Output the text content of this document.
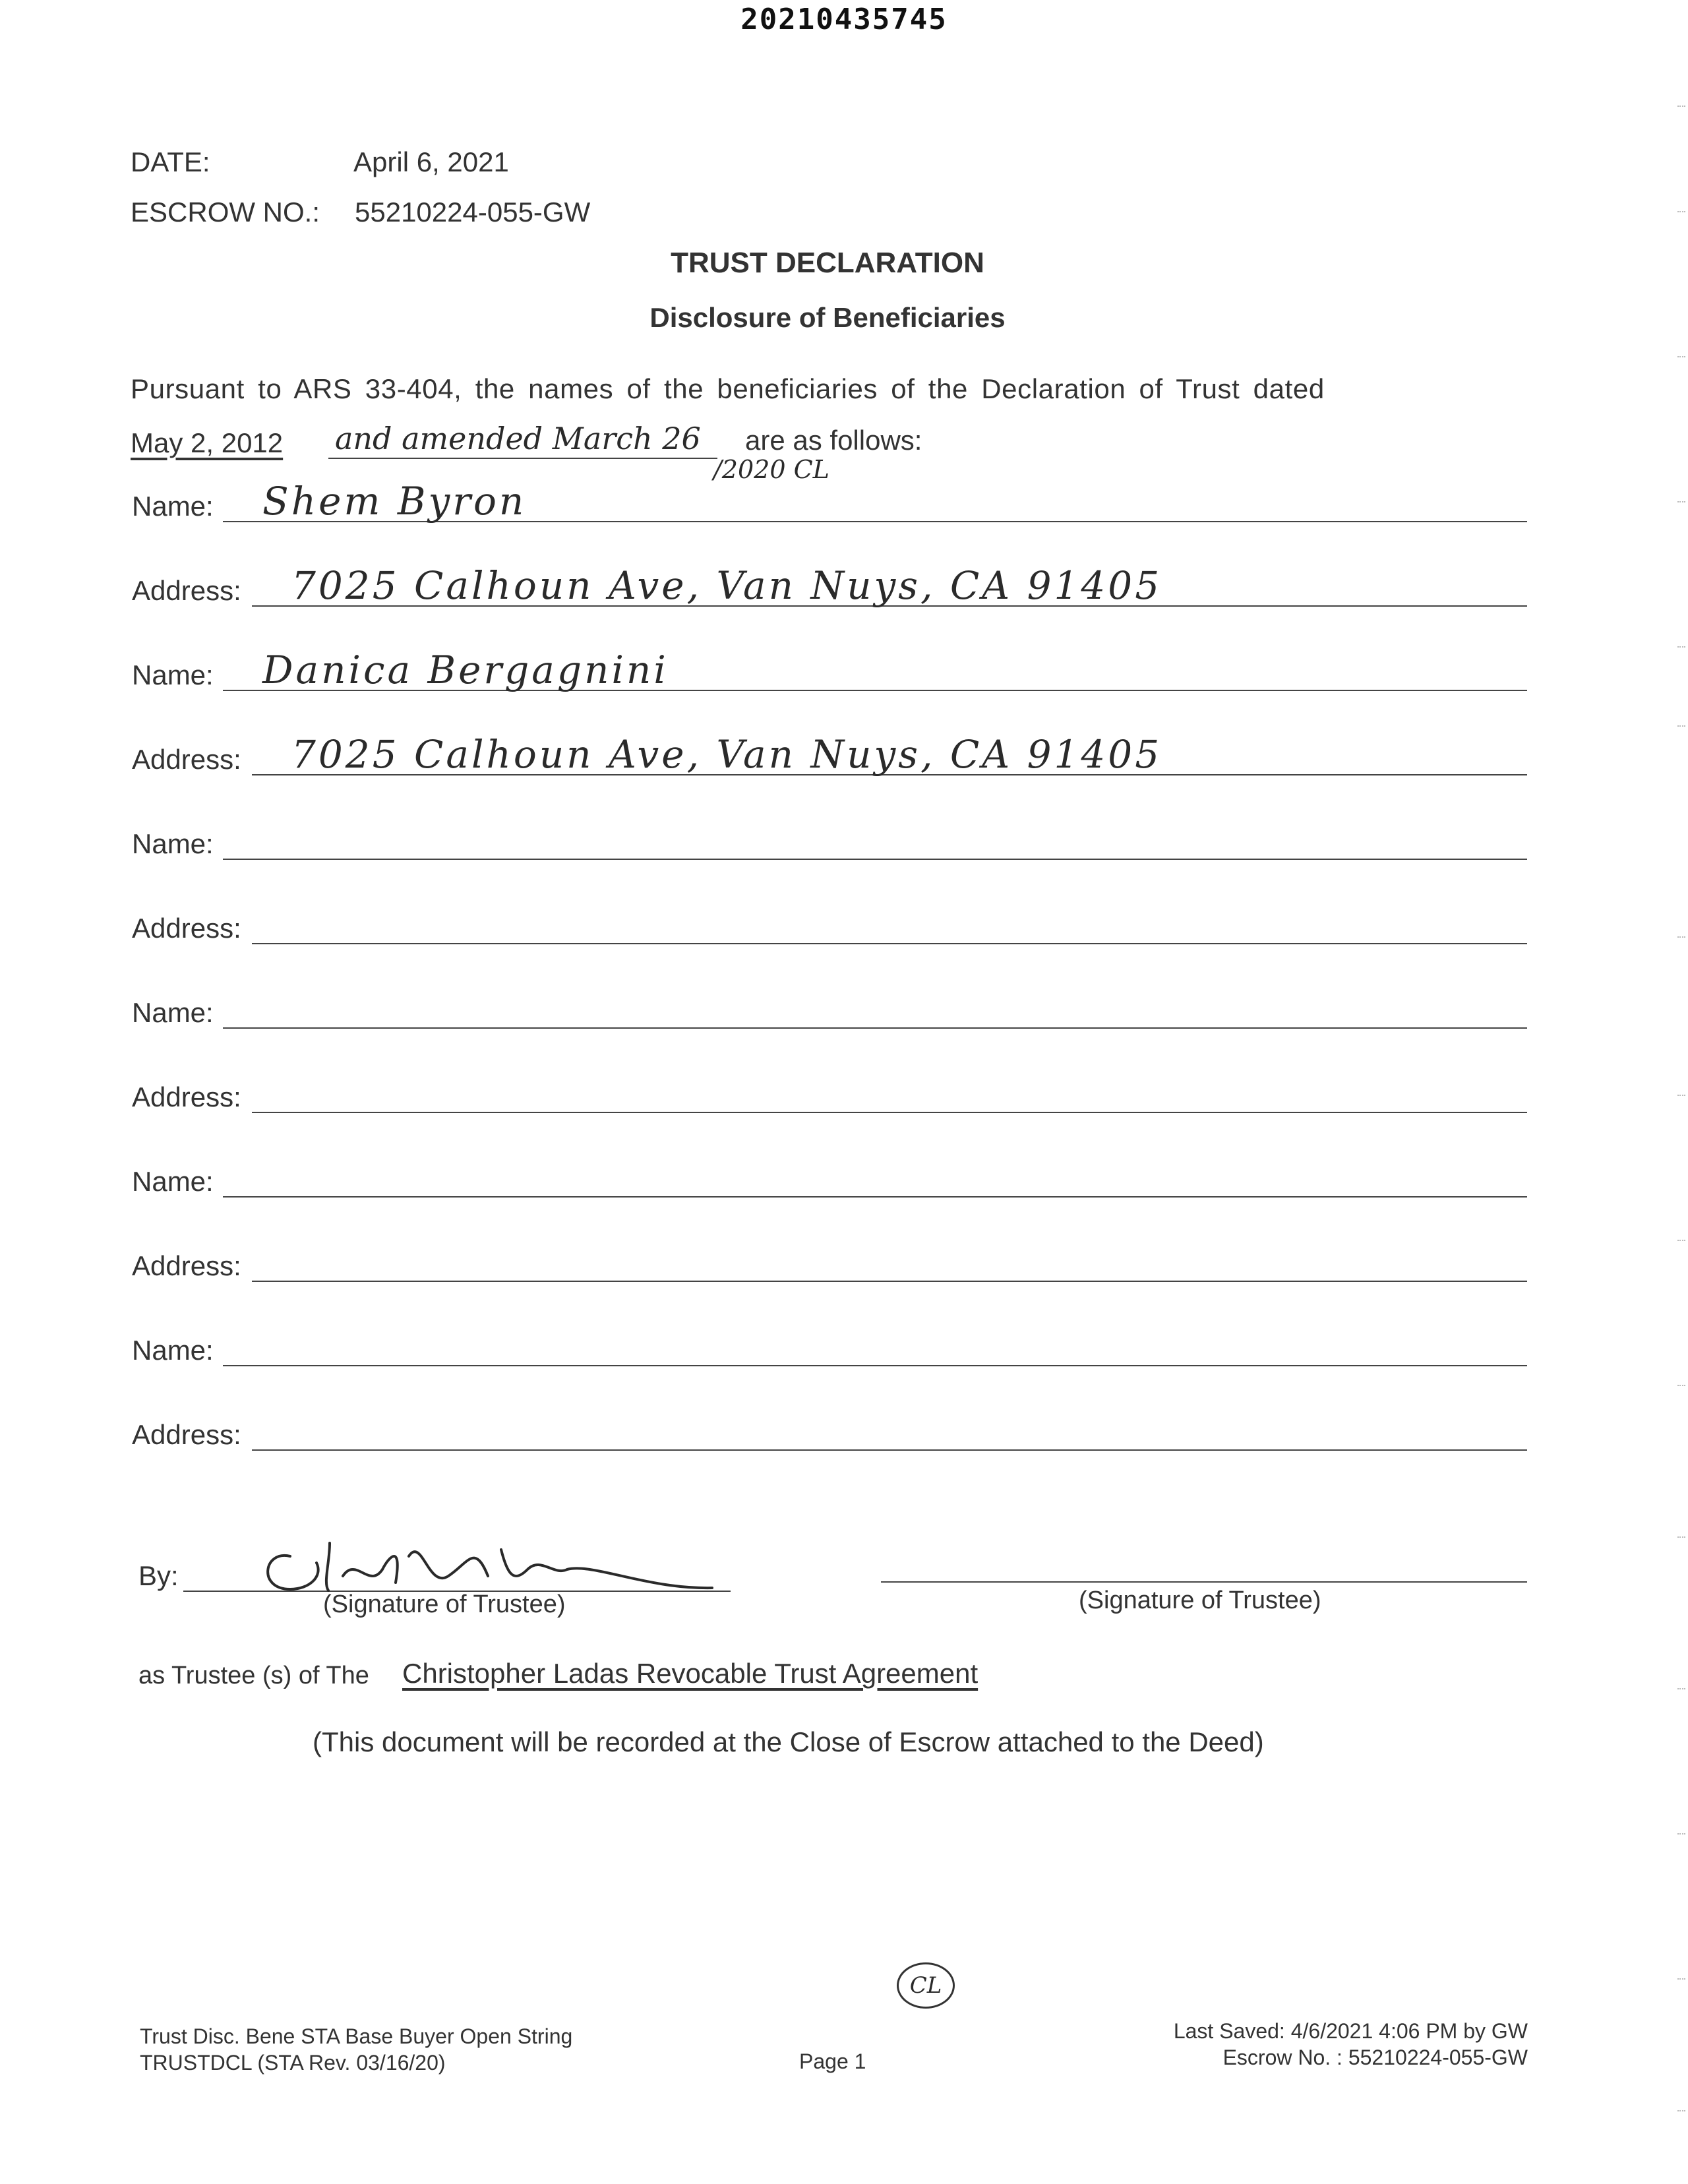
20210435745
DATE:	April 6, 2021
ESCROW NO.: 55210224-055-GW
TRUST DECLARATION
Disclosure of Beneficiaries
Pursuant to ARS 33-404, the names of the beneficiaries of the Declaration of Trust dated
May 2, 2012 and amended March 26
/2020 CL
are as follows:
Name: Shem Byron
Address: 7025 Calhoun Ave, Van Nuys, CA 91405
Name: Danica Bergagnini
Address: 7025 Calhoun Ave, Van Nuys, CA 91405
Name:
Address:
Name:
Address:
Name:
Address:
Name:
Address:
By:
(Signature of Trustee)	(Signature of Trustee)
as Trustee (s) of The Christopher Ladas Revocable Trust Agreement
(This document will be recorded at the Close of Escrow attached to the Deed)
CL
Trust Disc. Bene STA Base Buyer Open String
TRUSTDCL (STA Rev. 03/16/20)	Page 1
Last Saved: 4/6/2021 4:06 PM by GW
Escrow No. : 55210224-055-GW
